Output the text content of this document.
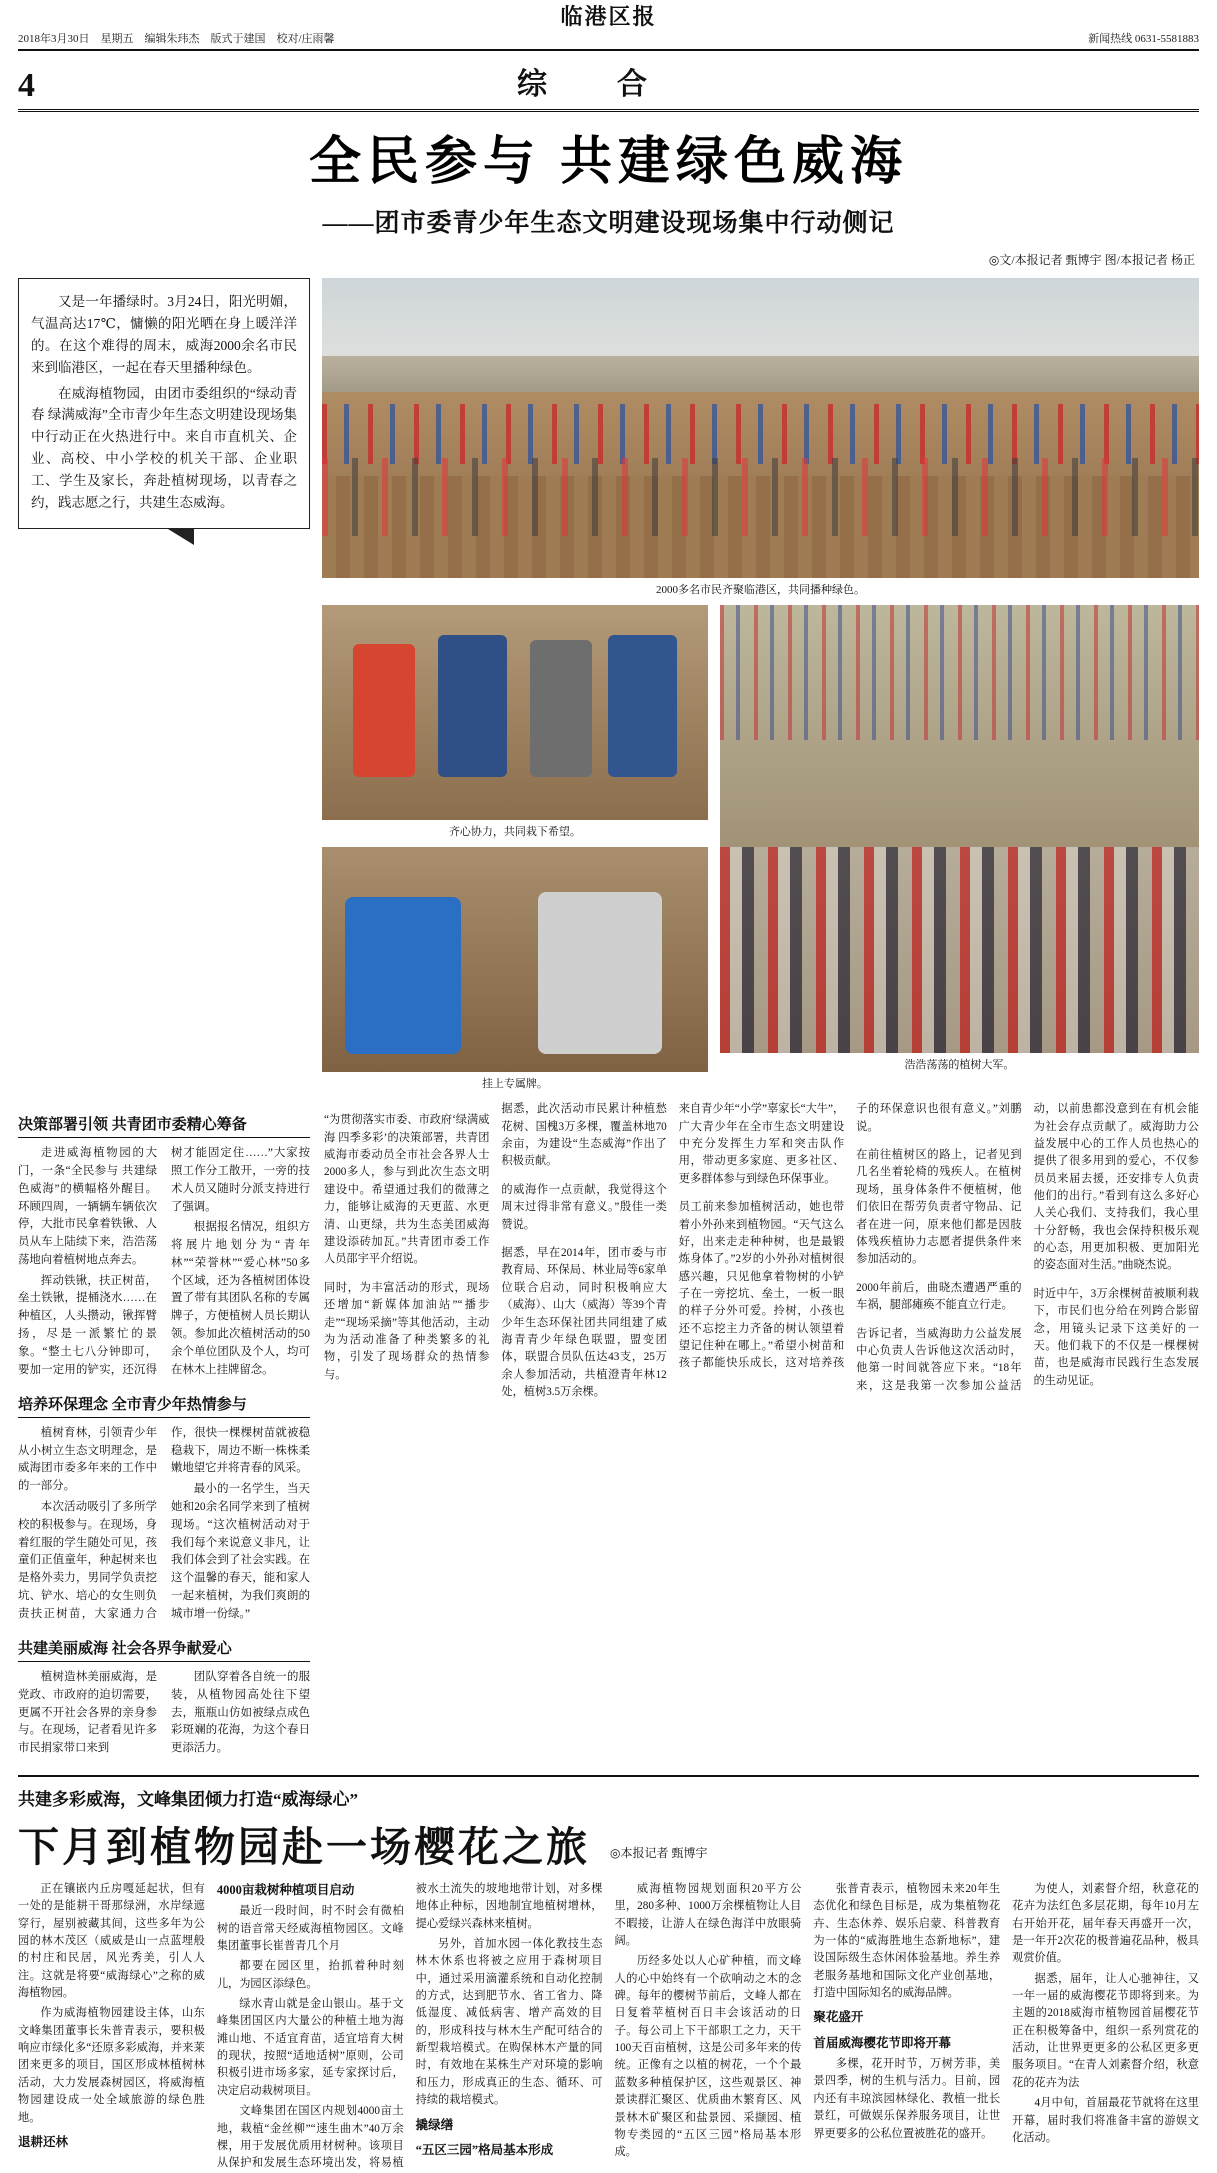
临港区报
2018年3月30日　星期五　编辑朱玮杰　版式于建国　校对/庄雨馨	新闻热线 0631-5581883
4	综　合
全民参与 共建绿色威海
——团市委青少年生态文明建设现场集中行动侧记
◎文/本报记者 甄博宇 图/本报记者 杨正

又是一年播绿时。3月24日，阳光明媚，气温高达17℃，慵懒的阳光晒在身上暖洋洋的。在这个难得的周末，威海2000余名市民来到临港区，一起在春天里播种绿色。

在威海植物园，由团市委组织的“绿动青春 绿满威海”全市青少年生态文明建设现场集中行动正在火热进行中。来自市直机关、企业、高校、中小学校的机关干部、企业职工、学生及家长，奔赴植树现场，以青春之约，践志愿之行，共建生态威海。

2000多名市民齐聚临港区，共同播种绿色。
齐心协力，共同栽下希望。
挂上专属牌。
浩浩荡荡的植树大军。
决策部署引领 共青团市委精心筹备

走进威海植物园的大门，一条“全民参与 共建绿色威海”的横幅格外醒目。环顾四周，一辆辆车辆依次停，大批市民拿着铁锹、人员从车上陆续下来，浩浩荡荡地向着植树地点奔去。

挥动铁锹，扶正树苗，垒土铁锹，提桶浇水……在种植区，人头攒动，锹挥臂扬，尽是一派繁忙的景象。“整土七八分钟即可，要加一定用的铲实，还沉得树才能固定住……”大家按照工作分工散开，一旁的技术人员又随时分派支持进行了强调。

根据报名情况，组织方将展片地划分为“青年林”“荣誉林”“爱心林”50多个区域，还为各植树团体设置了带有其团队名称的专属牌子，方便植树人员长期认领。参加此次植树活动的50余个单位团队及个人，均可在林木上挂牌留念。

培养环保理念 全市青少年热情参与

植树育林，引领青少年从小树立生态文明理念，是威海团市委多年来的工作中的一部分。

本次活动吸引了多所学校的积极参与。在现场，身着红服的学生随处可见，孩童们正值童年，种起树来也是格外卖力，男同学负责挖坑、铲水、培心的女生则负责扶正树苗，大家通力合作，很快一棵棵树苗就被稳稳栽下，周边不断一株株柔嫩地望它并将青春的风采。

最小的一名学生，当天她和20余名同学来到了植树现场。“这次植树活动对于我们每个来说意义非凡，让我们体会到了社会实践。在这个温馨的春天，能和家人一起来植树，为我们爽朗的城市增一份绿。”

共建美丽威海 社会各界争献爱心

植树造林美丽威海，是党政、市政府的迫切需要，更属不开社会各界的亲身参与。在现场，记者看见许多市民捐家带口来到

团队穿着各自统一的服装，从植物园高处往下望去，瓶瓶山仿如被绿点成色彩斑斓的花海，为这个春日更添活力。

“为贯彻落实市委、市政府‘绿满威海 四季多彩’的决策部署，共青团威海市委动员全市社会各界人士2000多人，参与到此次生态文明建设中。希望通过我们的微薄之力，能够让威海的天更蓝、水更清、山更绿，共为生态美团威海建设添砖加瓦。”共青团市委工作人员邵宇平介绍说。

同时，为丰富活动的形式，现场还增加“新媒体加油站”“播步走”“现场采摘”等其他活动，主动为为活动准备了种类繁多的礼物，引发了现场群众的热情参与。

据悉，此次活动市民累计种植愁花树、国槐3万多棵，覆盖林地70余亩，为建设“生态威海”作出了积极贡献。

的威海作一点贡献，我觉得这个周末过得非常有意义。”殷佳一类赞说。

据悉，早在2014年，团市委与市教育局、环保局、林业局等6家单位联合启动，同时积极响应大（威海）、山大（威海）等39个青少年生态环保社团共同组建了威海青青少年绿色联盟，盟变团体，联盟合员队伍达43支，25万余人参加活动，共植澄青年林12处，植树3.5万余棵。

来自青少年“小学”辜家长“大牛”，广大青少年在全市生态文明建设中充分发挥生力军和突击队作用，带动更多家庭、更多社区、更多群体参与到绿色环保事业。

员工前来参加植树活动，她也带着小外孙来到植物园。“天气这么好，出来走走种种树，也是最锻炼身体了。”2岁的小外孙对植树很感兴趣，只见他拿着物树的小铲子在一旁挖坑、垒土，一板一眼的样子分外可爱。拎树，小孩也还不忘挖主力齐备的树认领望着望记住种在哪上。”希望小树苗和孩子都能快乐成长，这对培养孩子的环保意识也很有意义。”刘鹏说。

在前往植树区的路上，记者见到几名坐着轮椅的残疾人。在植树现场，虽身体条件不便植树，他们依旧在帮劳负责者守物品、记者在进一问，原来他们都是因肢体残疾植协力志愿者提供条件来参加活动的。

2000年前后，曲晓杰遭遇严重的车祸，腿部瘫痪不能直立行走。

告诉记者，当威海助力公益发展中心负责人告诉他这次活动时，他第一时间就答应下来。“18年来，这是我第一次参加公益活动，以前患都没意到在有机会能为社会存点贡献了。威海助力公益发展中心的工作人员也热心的提供了很多用到的爱心，不仅参员员来届去援，还安排专人负责他们的出行。”看到有这么多好心人关心我们、支持我们，我心里十分舒畅，我也会保持积极乐观的心态，用更加积极、更加阳光的姿态面对生活。”曲晓杰说。

时近中午，3万余棵树苗被顺利栽下，市民们也分给在列跨合影留念，用镜头记录下这美好的一天。他们栽下的不仅是一棵棵树苗，也是威海市民践行生态发展的生动见证。

共建多彩威海，文峰集团倾力打造“威海绿心”
下月到植物园赴一场樱花之旅 ◎本报记者 甄博宇

正在镶嵌内丘房嘎延起状，但有一处的是能耕干哥那绿洲，水岸绿遮穿行，屋别被藏其间，这些多年为公园的林木茂区（威威是山一点蓝埋般的村庄和民居，风光秀美，引人人注。这就是将要“威海绿心”之称的威海植物园。

作为威海植物园建设主体，山东文峰集团董事长朱普青表示，要积极响应市绿化多“还原多彩威海，并来莱团来更多的项目，国区形成林植树林活动，大力发展森树园区，将威海植物园建设成一处全域旅游的绿色胜地。

退耕还林
4000亩栽树种植项目启动

最近一段时间，时不时会有微柏树的语音常天经威海植物园区。文峰集团董事长崔普青几个月

都要在园区里，抬抓着种时刻儿，为园区添绿色。

绿水青山就是金山银山。基于文峰集团国区内大量公的种植土地为海滩山地、不适宜育苗，适宜培育大树的现状，按照“适地适树”原则，公司积极引进市场多家，延专家探讨后，决定启动栽树项目。

文峰集团在国区内规划4000亩土地，栽植“金丝柳”“速生曲木”40万余棵，用于发展优质用材树种。该项目从保护和发展生态环境出发，将易植被水土流失的坡地地带计划，对多棵地体止种标，因地制宜地植树增林，提心爱绿兴森林来植树。

另外，首加水园一体化教技生态林木休系也将被之应用于森树项目中，通过采用滴灌系统和自动化控制的方式，达到肥节水、省工省力、降低湿度、减低病害、增产高效的目的，形成科技与林木生产配可结合的新型栽培模式。在购保林木产量的同时，有效地在某株生产对环境的影响和压力，形成真正的生态、循环、可持续的栽培模式。

撬绿缮
“五区三园”格局基本形成

威海植物园规划面积20平方公里，280多种、1000万余棵植物让人目不暇接，让游人在绿色海洋中放眼骑阔。

历经多处以人心矿种植，而文峰人的心中始终有一个砍响动之木的念碑。每年的樱树节前后，文峰人都在日复着苹植树百日丰会该活动的日子。每公司上下干部职工之力，天干100天百亩植树，这是公司多年来的传统。正像有之以植的树花，一个个最蓝数多种植保护区，这些观景区、神景读群汇聚区、优质曲木繁育区、风景林木矿聚区和盐景园、采撷园、植物专类园的“五区三园”格局基本形成。

张普青表示，植物园未来20年生态优化和绿色目标是，成为集植物花卉、生态休养、娱乐启蒙、科普教育为一体的“威海胜地生态新地标”，建设国际级生态休闲体验基地。养生养老服务基地和国际文化产业创基地，打造中国际知名的威海品牌。

聚花盛开
首届威海樱花节即将开幕

多棵，花开时节，万树芳菲，美景四季，树的生机与活力。目前，园内还有丰琼滨园林绿化、教植一批长景红，可做娱乐保养服务项目，让世界更要多的公私位置被胜花的盛开。

为使人，刘素督介绍，秋意花的花卉为法红色多层花期，每年10月左右开始开花，届年春天再盛开一次，是一年开2次花的极普遍花品种，极具观赏价值。

据悉，届年，让人心驰神往，又一年一届的威海樱花节即将到来。为主题的2018威海市植物园首届樱花节正在积极筹备中，组织一系列赏花的活动，让世界更更多的公私区更多更服务项目。“在青人刘素督介绍，秋意花的花卉为法

4月中旬，首届最花节就将在这里开幕，届时我们将准备丰富的游娱文化活动。
